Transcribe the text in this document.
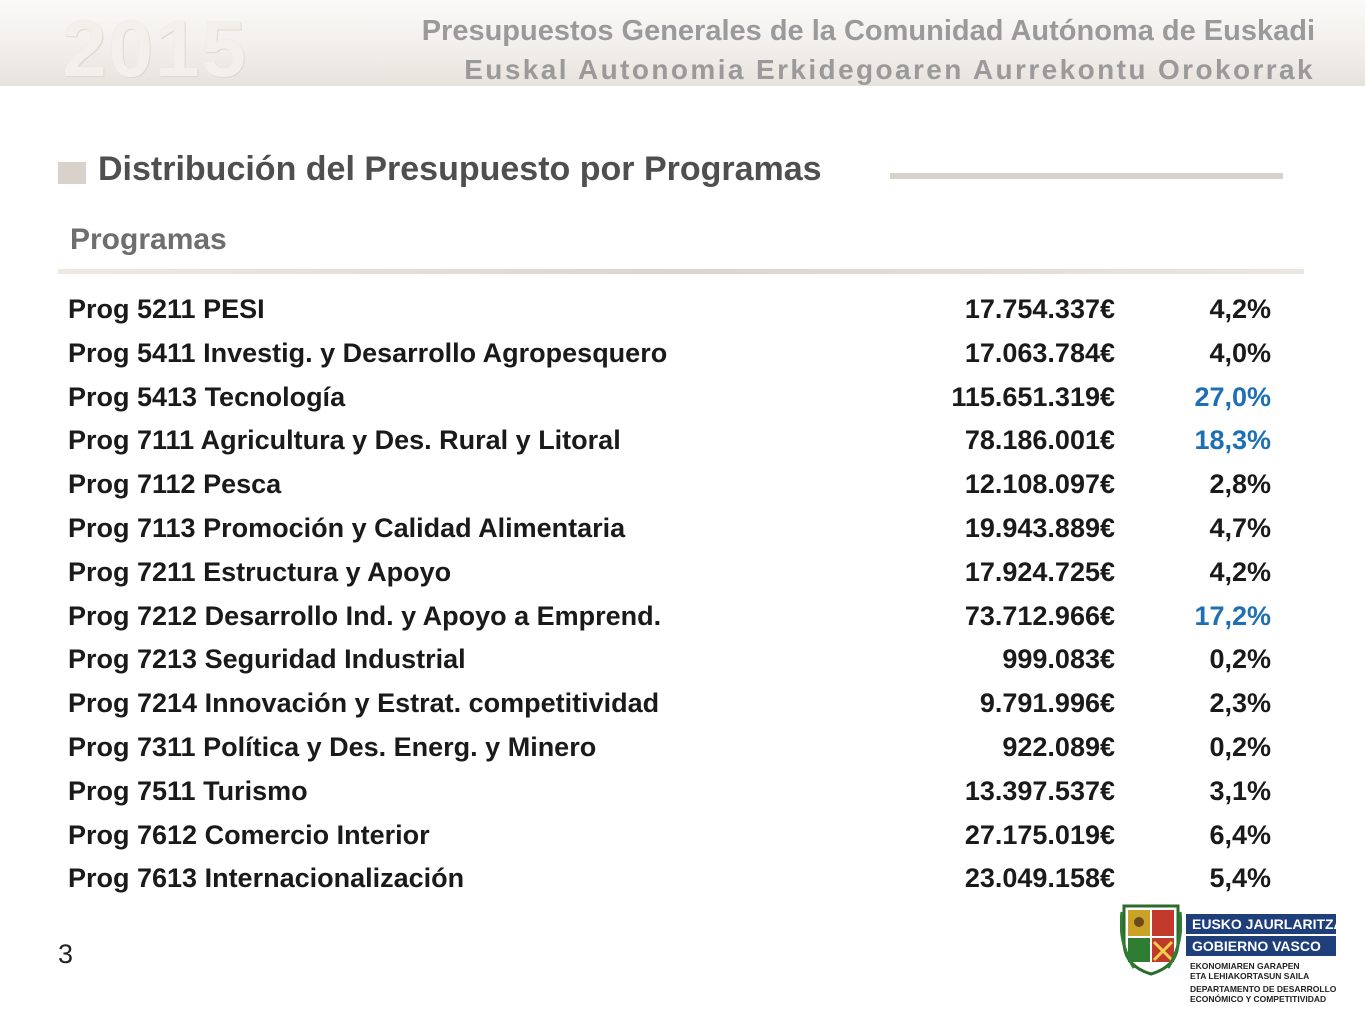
2015	Presupuestos Generales de la Comunidad Autónoma de Euskadi
Euskal Autonomia Erkidegoaren Aurrekontu Orokorrak
Distribución del Presupuesto por Programas
Programas
Prog 5211 PESI	17.754.337€	4,2%
Prog 5411 Investig. y Desarrollo Agropesquero	17.063.784€	4,0%
Prog 5413 Tecnología	115.651.319€	27,0%
Prog 7111 Agricultura y Des. Rural y Litoral	78.186.001€	18,3%
Prog 7112 Pesca	12.108.097€	2,8%
Prog 7113 Promoción y Calidad Alimentaria	19.943.889€	4,7%
Prog 7211 Estructura y Apoyo	17.924.725€	4,2%
Prog 7212 Desarrollo Ind. y Apoyo a Emprend.	73.712.966€	17,2%
Prog 7213 Seguridad Industrial	999.083€	0,2%
Prog 7214 Innovación y Estrat. competitividad	9.791.996€	2,3%
Prog 7311 Política y Des. Energ. y Minero	922.089€	0,2%
Prog 7511 Turismo	13.397.537€	3,1%
Prog 7612 Comercio Interior	27.175.019€	6,4%
Prog 7613 Internacionalización	23.049.158€	5,4%
3
EUSKO JAURLARITZA
GOBIERNO VASCO
EKONOMIAREN GARAPEN
ETA LEHIAKORTASUN SAILA
DEPARTAMENTO DE DESARROLLO
ECONÓMICO Y COMPETITIVIDAD
